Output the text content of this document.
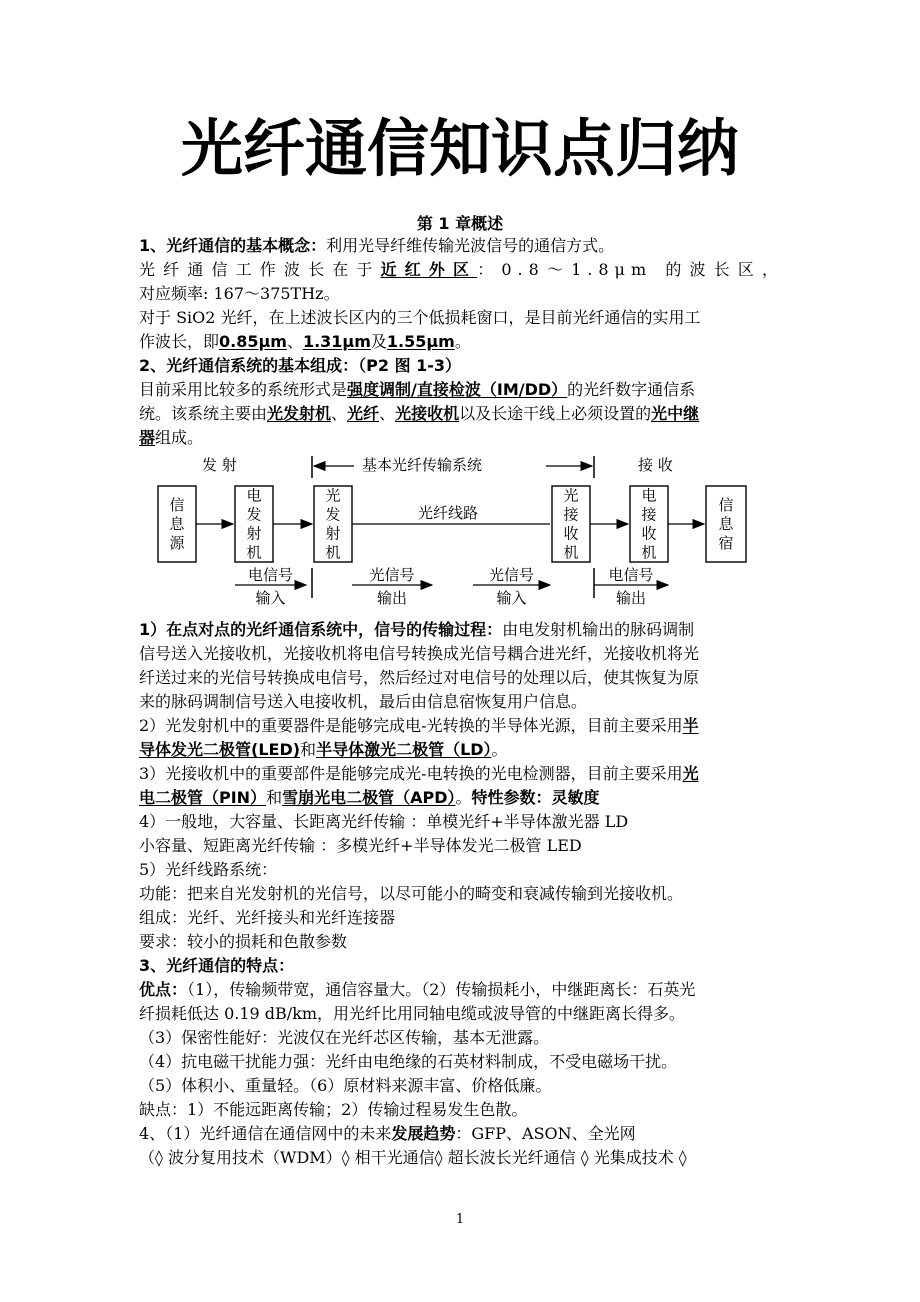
光纤通信知识点归纳
第 1 章概述
1、光纤通信的基本概念：利用光导纤维传输光波信号的通信方式。
光纤通信工作波长在于近红外区：0.8～1.8μm 的波长区，
对应频率: 167～375THz。
对于 SiO2 光纤，在上述波长区内的三个低损耗窗口，是目前光纤通信的实用工
作波长，即0.85μm、1.31μm及1.55μm。
2、光纤通信系统的基本组成：（P2 图 1-3）
目前采用比较多的系统形式是强度调制/直接检波（IM/DD）的光纤数字通信系
统。该系统主要由光发射机、光纤、光接收机以及长途干线上必须设置的光中继
器组成。
发 射	接 收
基本光纤传输系统
信
息
源
电
发
射
机
光
发
射
机
光
接
收
机
电
接
收
机
信
息
宿
光纤线路
电信号
输入
光信号
输出
光信号
输入
电信号
输出
1）在点对点的光纤通信系统中，信号的传输过程：由电发射机输出的脉码调制
信号送入光接收机，光接收机将电信号转换成光信号耦合进光纤，光接收机将光
纤送过来的光信号转换成电信号，然后经过对电信号的处理以后，使其恢复为原
来的脉码调制信号送入电接收机，最后由信息宿恢复用户信息。
2）光发射机中的重要器件是能够完成电-光转换的半导体光源，目前主要采用半
导体发光二极管(LED)和半导体激光二极管（LD）。
3）光接收机中的重要部件是能够完成光-电转换的光电检测器，目前主要采用光
电二极管（PIN）和雪崩光电二极管（APD）。特性参数：灵敏度
4）一般地，大容量、长距离光纤传输 ：单模光纤+半导体激光器 LD
小容量、短距离光纤传输 ：多模光纤+半导体发光二极管 LED
5）光纤线路系统：
功能：把来自光发射机的光信号，以尽可能小的畸变和衰减传输到光接收机。
组成：光纤、光纤接头和光纤连接器
要求：较小的损耗和色散参数
3、光纤通信的特点：
优点：（1），传输频带宽，通信容量大。（2）传输损耗小，中继距离长：石英光
纤损耗低达 0.19 dB/km，用光纤比用同轴电缆或波导管的中继距离长得多。
（3）保密性能好：光波仅在光纤芯区传输，基本无泄露。
（4）抗电磁干扰能力强：光纤由电绝缘的石英材料制成，不受电磁场干扰。
（5）体积小、重量轻。（6）原材料来源丰富、价格低廉。
缺点：1）不能远距离传输；2）传输过程易发生色散。
4、（1）光纤通信在通信网中的未来发展趋势：GFP、ASON、全光网
（◊ 波分复用技术（WDM）◊ 相干光通信◊ 超长波长光纤通信 ◊ 光集成技术 ◊
1
